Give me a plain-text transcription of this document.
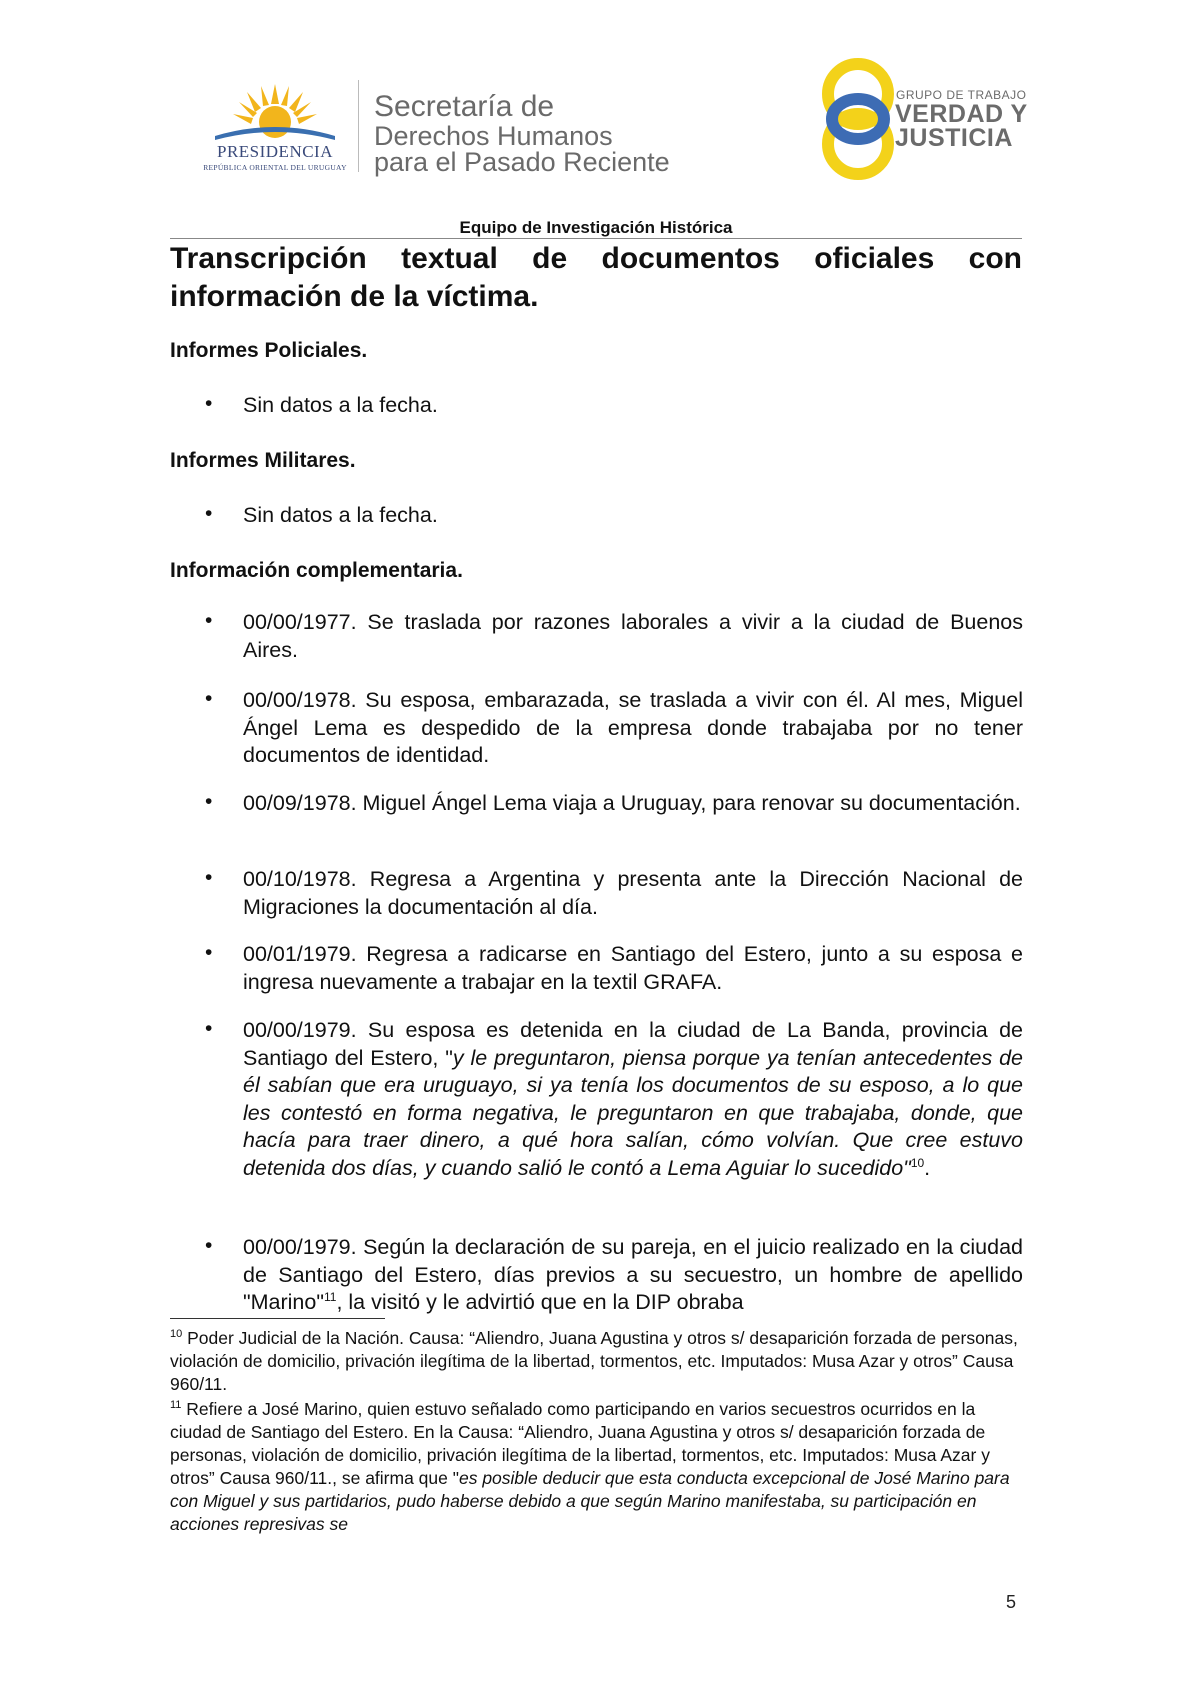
PRESIDENCIA
REPÚBLICA ORIENTAL DEL URUGUAY
Secretaría de
Derechos Humanos
para el Pasado Reciente
GRUPO DE TRABAJO
VERDAD Y
JUSTICIA
Equipo de Investigación Histórica
Transcripción textual de documentos oficiales con información de la víctima.
Informes Policiales.
•	Sin datos a la fecha.

Informes Militares.
•	Sin datos a la fecha.

Información complementaria.
•	00/00/1977. Se traslada por razones laborales a vivir a la ciudad de Buenos Aires.

•	00/00/1978. Su esposa, embarazada, se traslada a vivir con él. Al mes, Miguel Ángel Lema es despedido de la empresa donde trabajaba por no tener documentos de identidad.

•	00/09/1978. Miguel Ángel Lema viaja a Uruguay, para renovar su documentación.

•	00/10/1978. Regresa a Argentina y presenta ante la Dirección Nacional de Migraciones la documentación al día.

•	00/01/1979. Regresa a radicarse en Santiago del Estero, junto a su esposa e ingresa nuevamente a trabajar en la textil GRAFA.

•	00/00/1979. Su esposa es detenida en la ciudad de La Banda, provincia de Santiago del Estero, "y le preguntaron, piensa porque ya tenían antecedentes de él sabían que era uruguayo, si ya tenía los documentos de su esposo, a lo que les contestó en forma negativa, le preguntaron en que trabajaba, donde, que hacía para traer dinero, a qué hora salían, cómo volvían. Que cree estuvo detenida dos días, y cuando salió le contó a Lema Aguiar lo sucedido"$^{10}$.

•	00/00/1979. Según la declaración de su pareja, en el juicio realizado en la ciudad de Santiago del Estero, días previos a su secuestro, un hombre de apellido "Marino"$^{11}$, la visitó y le advirtió que en la DIP obraba

$^{10}$ Poder Judicial de la Nación. Causa: “Aliendro, Juana Agustina y otros s/ desaparición forzada de personas, violación de domicilio, privación ilegítima de la libertad, tormentos, etc. Imputados: Musa Azar y otros” Causa 960/11.

$^{11}$ Refiere a José Marino, quien estuvo señalado como participando en varios secuestros ocurridos en la ciudad de Santiago del Estero. En la Causa: “Aliendro, Juana Agustina y otros s/ desaparición forzada de personas, violación de domicilio, privación ilegítima de la libertad, tormentos, etc. Imputados: Musa Azar y otros” Causa 960/11., se afirma que "es posible deducir que esta conducta excepcional de José Marino para con Miguel y sus partidarios, pudo haberse debido a que según Marino manifestaba, su participación en acciones represivas se

5
